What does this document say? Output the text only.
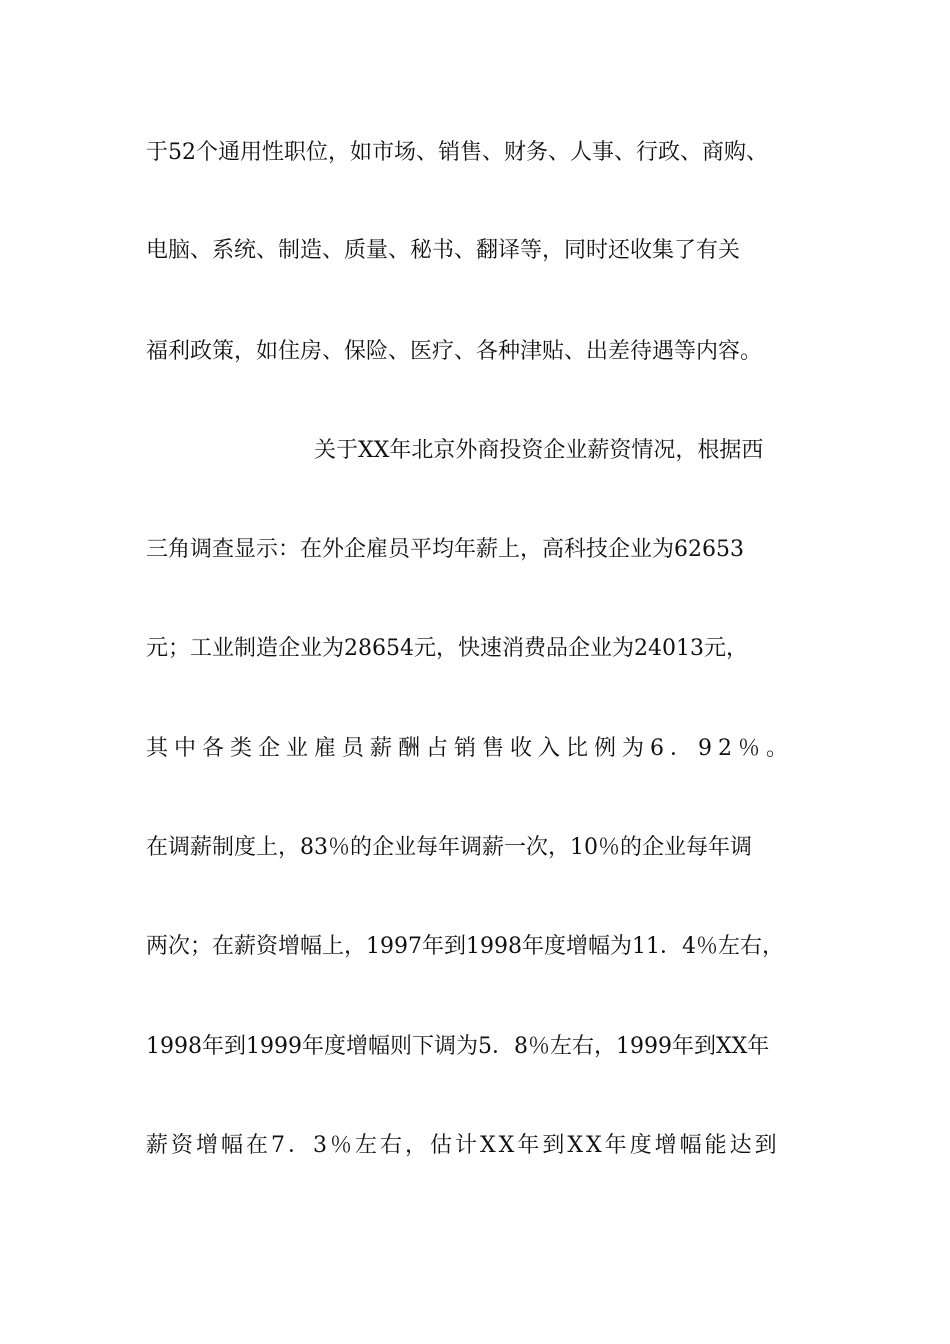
于52个通用性职位，如市场、销售、财务、人事、行政、商购、
电脑、系统、制造、质量、秘书、翻译等，同时还收集了有关
福利政策，如住房、保险、医疗、各种津贴、出差待遇等内容。
关于XX年北京外商投资企业薪资情况，根据西
三角调查显示：在外企雇员平均年薪上，高科技企业为62653
元；工业制造企业为28654元，快速消费品企业为24013元，
其中各类企业雇员薪酬占销售收入比例为6．92％。
在调薪制度上，83％的企业每年调薪一次，10％的企业每年调
两次；在薪资增幅上，1997年到1998年度增幅为11．4％左右，
1998年到1999年度增幅则下调为5．8％左右，1999年到XX年
薪资增幅在7．3％左右，估计XX年到XX年度增幅能达到
